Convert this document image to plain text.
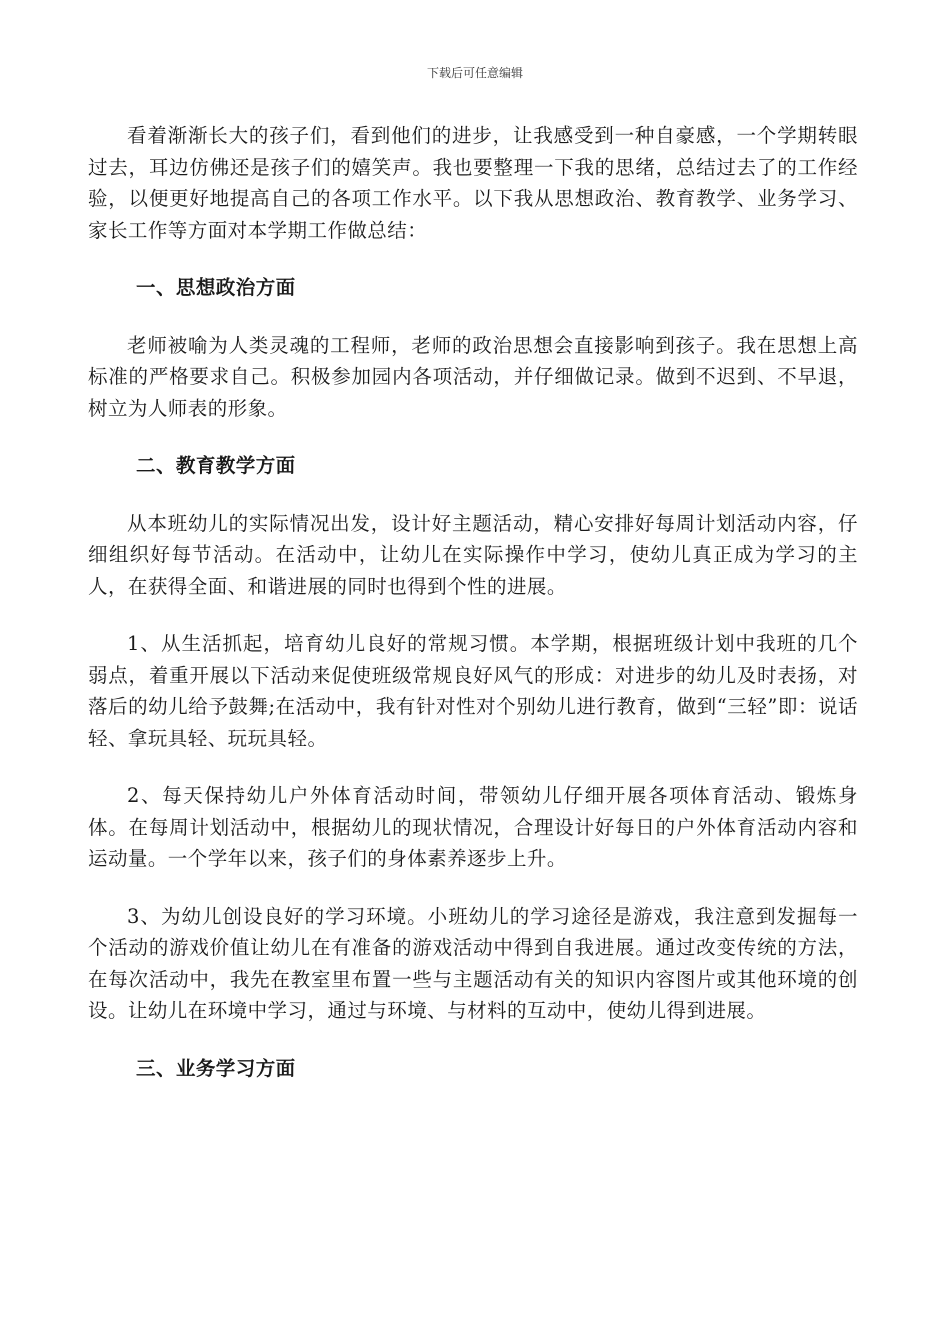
下载后可任意编辑

看着渐渐长大的孩子们，看到他们的进步，让我感受到一种自豪感，一个学期转眼过去，耳边仿佛还是孩子们的嬉笑声。我也要整理一下我的思绪，总结过去了的工作经验，以便更好地提高自己的各项工作水平。以下我从思想政治、教育教学、业务学习、家长工作等方面对本学期工作做总结：

一、思想政治方面

老师被喻为人类灵魂的工程师，老师的政治思想会直接影响到孩子。我在思想上高标准的严格要求自己。积极参加园内各项活动，并仔细做记录。做到不迟到、不早退，树立为人师表的形象。

二、教育教学方面

从本班幼儿的实际情况出发，设计好主题活动，精心安排好每周计划活动内容，仔细组织好每节活动。在活动中，让幼儿在实际操作中学习，使幼儿真正成为学习的主人，在获得全面、和谐进展的同时也得到个性的进展。

1、从生活抓起，培育幼儿良好的常规习惯。本学期，根据班级计划中我班的几个弱点，着重开展以下活动来促使班级常规良好风气的形成：对进步的幼儿及时表扬，对落后的幼儿给予鼓舞;在活动中，我有针对性对个别幼儿进行教育，做到“三轻”即：说话轻、拿玩具轻、玩玩具轻。

2、每天保持幼儿户外体育活动时间，带领幼儿仔细开展各项体育活动、锻炼身体。在每周计划活动中，根据幼儿的现状情况，合理设计好每日的户外体育活动内容和运动量。一个学年以来，孩子们的身体素养逐步上升。

3、为幼儿创设良好的学习环境。小班幼儿的学习途径是游戏，我注意到发掘每一个活动的游戏价值让幼儿在有准备的游戏活动中得到自我进展。通过改变传统的方法，在每次活动中，我先在教室里布置一些与主题活动有关的知识内容图片或其他环境的创设。让幼儿在环境中学习，通过与环境、与材料的互动中，使幼儿得到进展。

三、业务学习方面
